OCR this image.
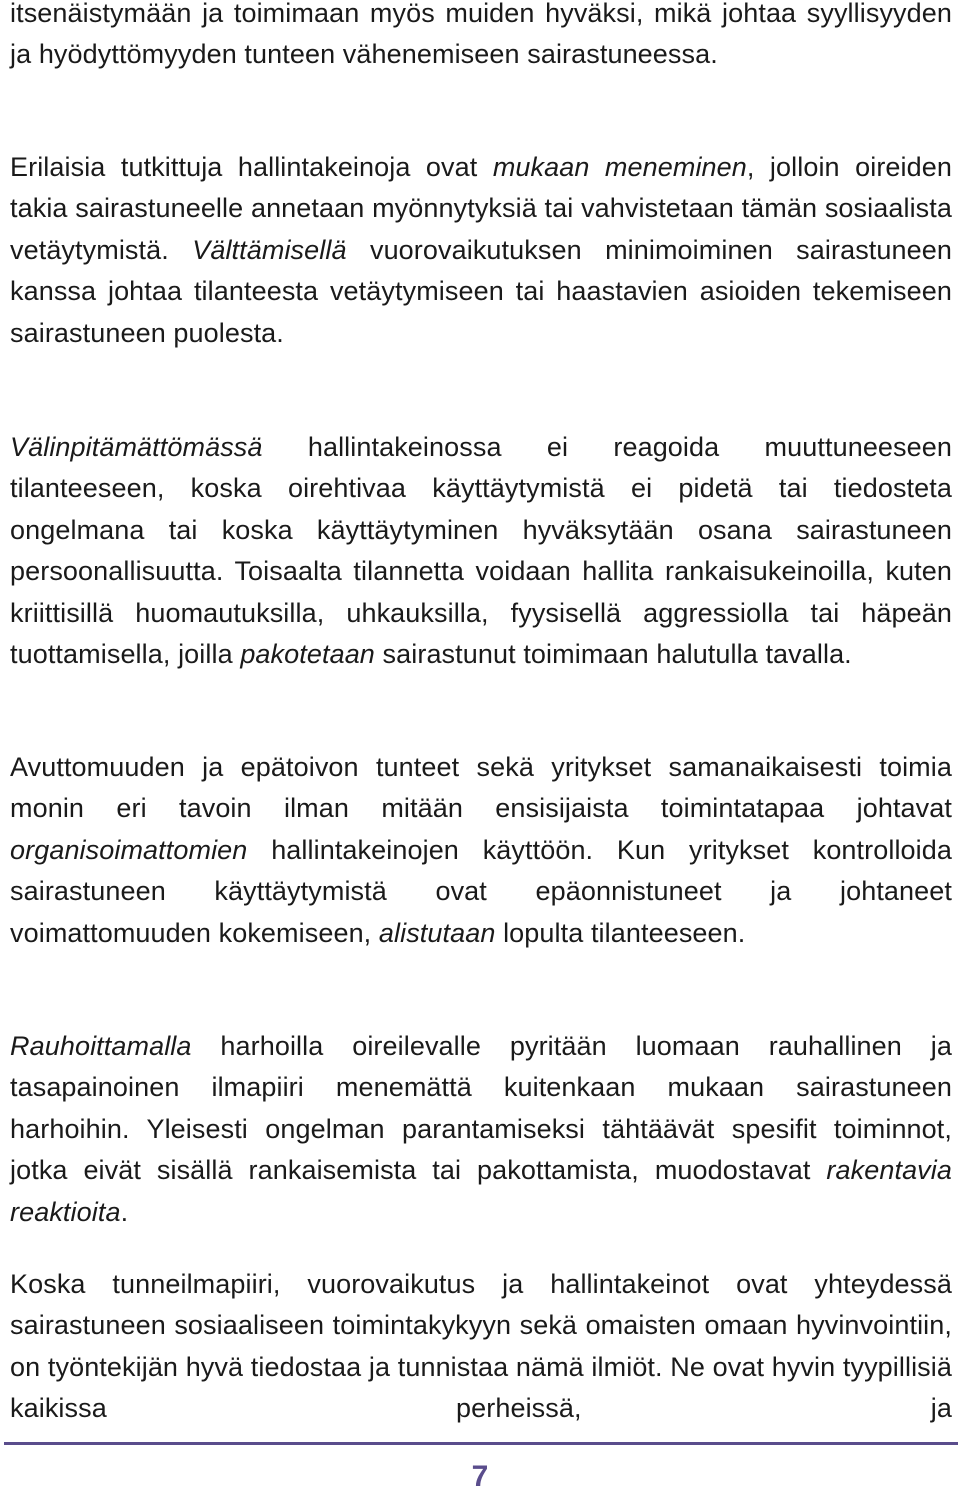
itsenäistymään ja toimimaan myös muiden hyväksi, mikä johtaa syyllisyyden ja hyödyttömyyden tunteen vähenemiseen sairastuneessa.

Erilaisia tutkittuja hallintakeinoja ovat mukaan meneminen, jolloin oireiden takia sairastuneelle annetaan myönnytyksiä tai vahvistetaan tämän sosiaalista vetäytymistä. Välttämisellä vuorovaikutuksen minimoiminen sairastuneen kanssa johtaa tilanteesta vetäytymiseen tai haastavien asioiden tekemiseen sairastuneen puolesta.

Välinpitämättömässä hallintakeinossa ei reagoida muuttuneeseen tilanteeseen, koska oirehtivaa käyttäytymistä ei pidetä tai tiedosteta ongelmana tai koska käyttäytyminen hyväksytään osana sairastuneen persoonallisuutta. Toisaalta tilannetta voidaan hallita rankaisukeinoilla, kuten kriittisillä huomautuksilla, uhkauksilla, fyysisellä aggressiolla tai häpeän tuottamisella, joilla pakotetaan sairastunut toimimaan halutulla tavalla.

Avuttomuuden ja epätoivon tunteet sekä yritykset samanaikaisesti toimia monin eri tavoin ilman mitään ensisijaista toimintatapaa johtavat organisoimattomien hallintakeinojen käyttöön. Kun yritykset kontrolloida sairastuneen käyttäytymistä ovat epäonnistuneet ja johtaneet voimattomuuden kokemiseen, alistutaan lopulta tilanteeseen.

Rauhoittamalla harhoilla oireilevalle pyritään luomaan rauhallinen ja tasapainoinen ilmapiiri menemättä kuitenkaan mukaan sairastuneen harhoihin. Yleisesti ongelman parantamiseksi tähtäävät spesifit toiminnot, jotka eivät sisällä rankaisemista tai pakottamista, muodostavat rakentavia reaktioita.

Koska tunneilmapiiri, vuorovaikutus ja hallintakeinot ovat yhteydessä sairastuneen sosiaaliseen toimintakykyyn sekä omaisten omaan hyvinvointiin, on työntekijän hyvä tiedostaa ja tunnistaa nämä ilmiöt. Ne ovat hyvin tyypillisiä kaikissa perheissä, ja

7
